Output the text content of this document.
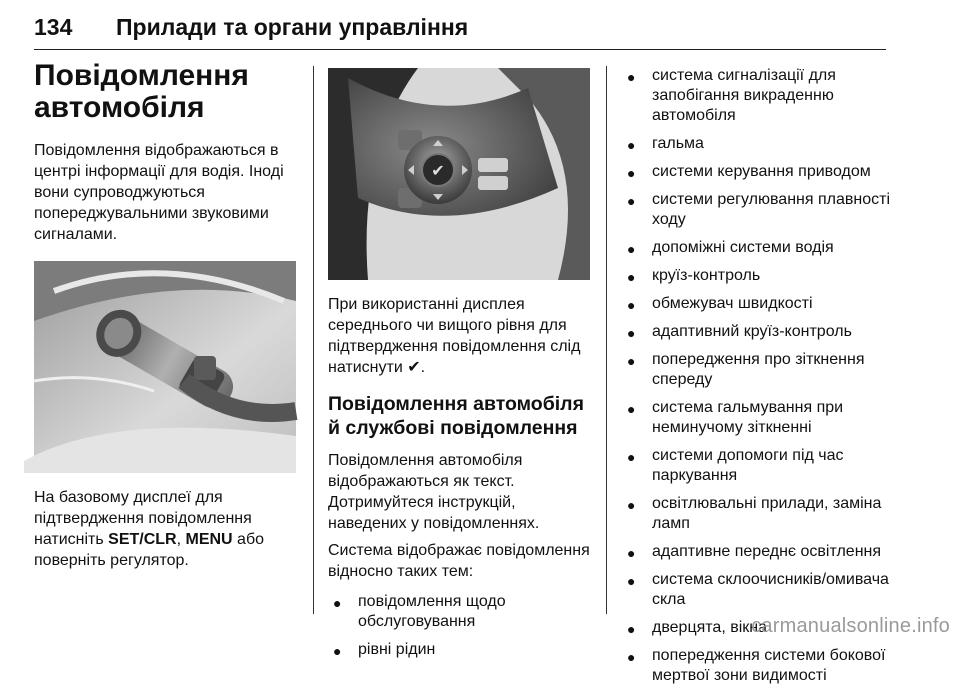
134 Прилади та органи управління
Повідомлення
автомобіля

Повідомлення відображаються в центрі інформації для водія. Іноді вони супроводжуються попереджувальними звуковими сигналами.

На базовому дисплеї для підтвердження повідомлення натисніть SET/CLR, MENU або поверніть регулятор.

✔

При використанні дисплея середнього чи вищого рівня для підтвердження повідомлення слід натиснути ✔.

Повідомлення автомобіля й службові повідомлення

Повідомлення автомобіля відображаються як текст. Дотримуйтеся інструкцій, наведених у повідомленнях.

Система відображає повідомлення відносно таких тем:

● повідомлення щодо обслуговування
● рівні рідин
● система сигналізації для запобігання викраденню автомобіля
● гальма
● системи керування приводом
● системи регулювання плавності ходу
● допоміжні системи водія
● круїз-контроль
● обмежувач швидкості
● адаптивний круїз-контроль
● попередження про зіткнення спереду
● система гальмування при неминучому зіткненні
● системи допомоги під час паркування
● освітлювальні прилади, заміна ламп
● адаптивне переднє освітлення
● система склоочисників/омивача скла
● дверцята, вікна
● попередження системи бокової мертвої зони видимості
carmanualsonline.info
